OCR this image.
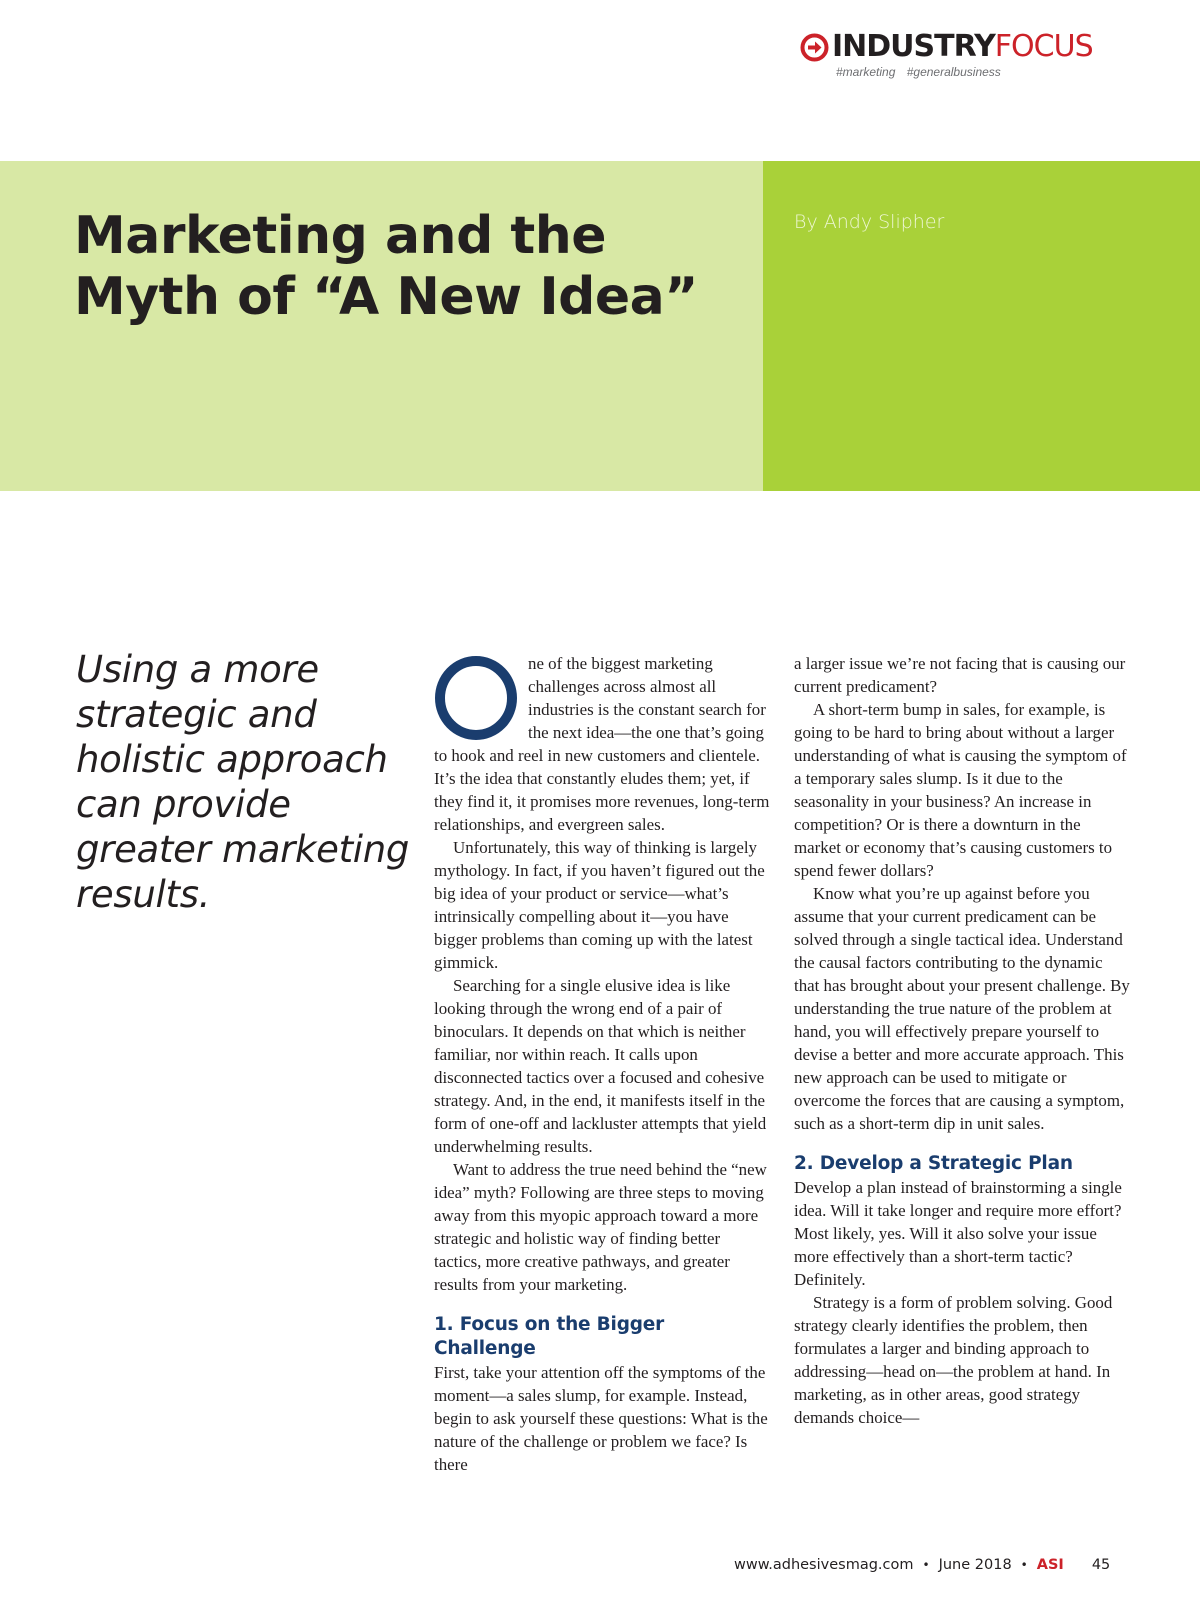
INDUSTRY FOCUS
#marketing #generalbusiness
Marketing and the Myth of “A New Idea”
By Andy Slipher

Using a more strategic and holistic approach can provide greater marketing results.

O

ne of the biggest marketing challenges across almost all industries is the constant search for the next idea—the one that’s going to hook and reel in new customers and clientele. It’s the idea that constantly eludes them; yet, if they find it, it promises more revenues, long-term relationships, and evergreen sales.

Unfortunately, this way of thinking is largely mythology. In fact, if you haven’t figured out the big idea of your product or service—what’s intrinsically compelling about it—you have bigger problems than coming up with the latest gimmick.

Searching for a single elusive idea is like looking through the wrong end of a pair of binoculars. It depends on that which is neither familiar, nor within reach. It calls upon disconnected tactics over a focused and cohesive strategy. And, in the end, it manifests itself in the form of one-off and lackluster attempts that yield underwhelming results.

Want to address the true need behind the “new idea” myth? Following are three steps to moving away from this myopic approach toward a more strategic and holistic way of finding better tactics, more creative pathways, and greater results from your marketing.

1. Focus on the Bigger Challenge

First, take your attention off the symptoms of the moment—a sales slump, for example. Instead, begin to ask yourself these questions: What is the nature of the challenge or problem we face? Is there

a larger issue we’re not facing that is causing our current predicament?

A short-term bump in sales, for example, is going to be hard to bring about without a larger understanding of what is causing the symptom of a temporary sales slump. Is it due to the seasonality in your business? An increase in competition? Or is there a downturn in the market or economy that’s causing customers to spend fewer dollars?

Know what you’re up against before you assume that your current predicament can be solved through a single tactical idea. Understand the causal factors contributing to the dynamic that has brought about your present challenge. By understanding the true nature of the problem at hand, you will effectively prepare yourself to devise a better and more accurate approach. This new approach can be used to mitigate or overcome the forces that are causing a symptom, such as a short-term dip in unit sales.

2. Develop a Strategic Plan

Develop a plan instead of brainstorming a single idea. Will it take longer and require more effort? Most likely, yes. Will it also solve your issue more effectively than a short-term tactic? Definitely.

Strategy is a form of problem solving. Good strategy clearly identifies the problem, then formulates a larger and binding approach to addressing—head on—the problem at hand. In marketing, as in other areas, good strategy demands choice—

www.adhesivesmag.com • June 2018 • ASI 45
